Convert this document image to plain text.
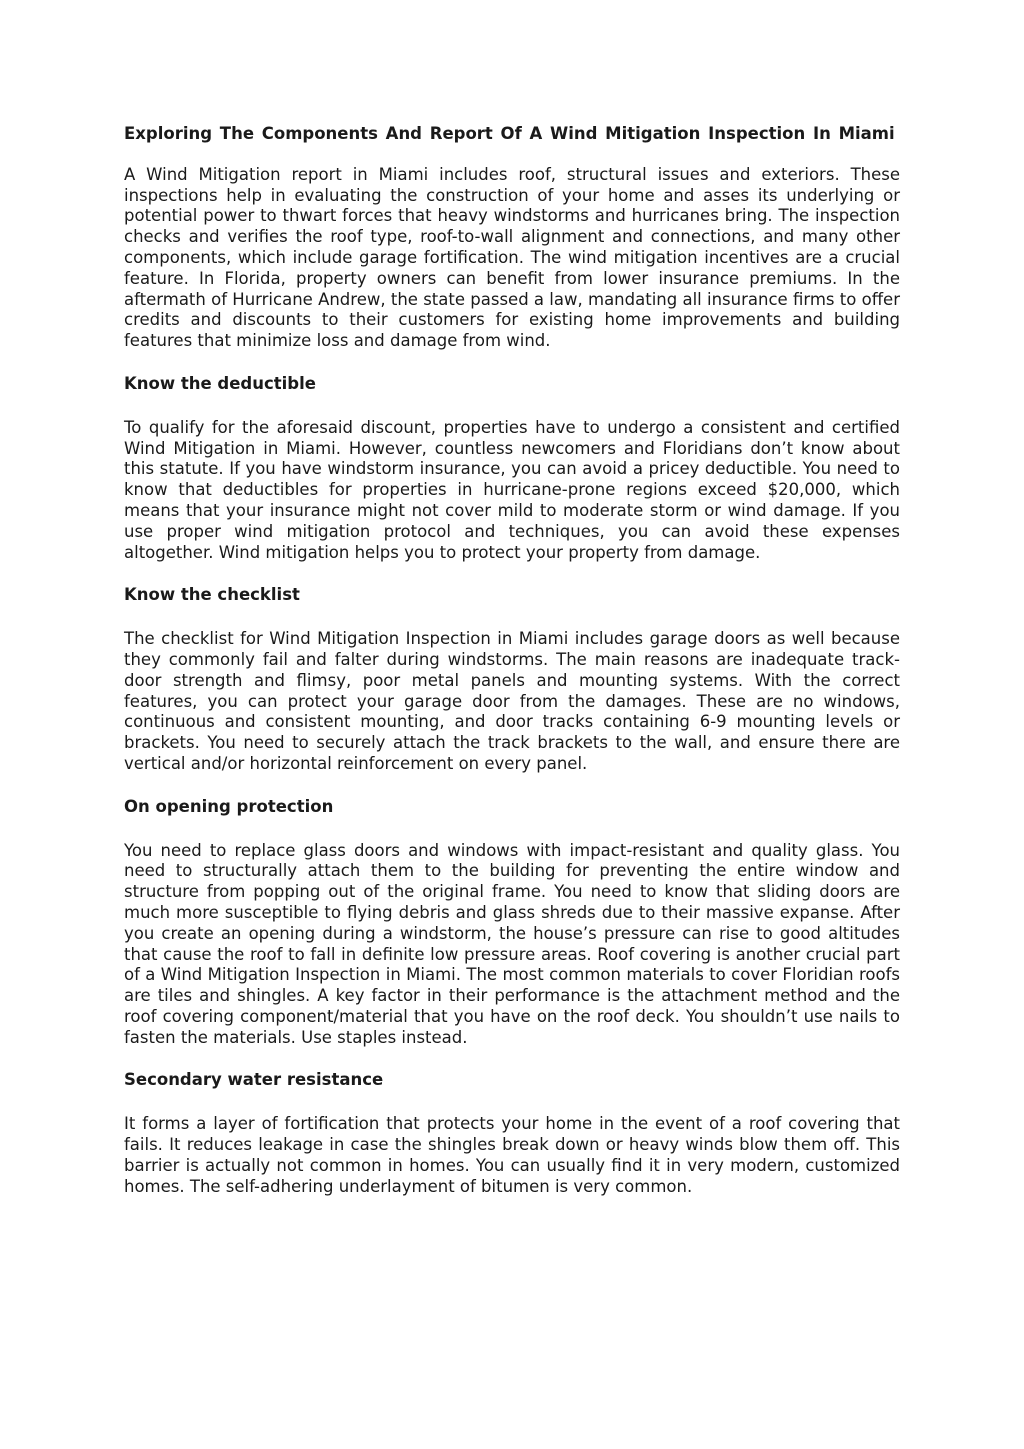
Exploring The Components And Report Of A Wind Mitigation Inspection In Miami

A Wind Mitigation report in Miami includes roof, structural issues and exteriors. These inspections help in evaluating the construction of your home and asses its underlying or potential power to thwart forces that heavy windstorms and hurricanes bring. The inspection checks and verifies the roof type, roof-to-wall alignment and connections, and many other components, which include garage fortification. The wind mitigation incentives are a crucial feature. In Florida, property owners can benefit from lower insurance premiums. In the aftermath of Hurricane Andrew, the state passed a law, mandating all insurance firms to offer credits and discounts to their customers for existing home improvements and building features that minimize loss and damage from wind.

Know the deductible

To qualify for the aforesaid discount, properties have to undergo a consistent and certified Wind Mitigation in Miami. However, countless newcomers and Floridians don’t know about this statute. If you have windstorm insurance, you can avoid a pricey deductible. You need to know that deductibles for properties in hurricane-prone regions exceed $20,000, which means that your insurance might not cover mild to moderate storm or wind damage. If you use proper wind mitigation protocol and techniques, you can avoid these expenses altogether. Wind mitigation helps you to protect your property from damage.

Know the checklist

The checklist for Wind Mitigation Inspection in Miami includes garage doors as well because they commonly fail and falter during windstorms. The main reasons are inadequate track-door strength and flimsy, poor metal panels and mounting systems. With the correct features, you can protect your garage door from the damages. These are no windows, continuous and consistent mounting, and door tracks containing 6-9 mounting levels or brackets. You need to securely attach the track brackets to the wall, and ensure there are vertical and/or horizontal reinforcement on every panel.

On opening protection

You need to replace glass doors and windows with impact-resistant and quality glass. You need to structurally attach them to the building for preventing the entire window and structure from popping out of the original frame. You need to know that sliding doors are much more susceptible to flying debris and glass shreds due to their massive expanse. After you create an opening during a windstorm, the house’s pressure can rise to good altitudes that cause the roof to fall in definite low pressure areas. Roof covering is another crucial part of a Wind Mitigation Inspection in Miami. The most common materials to cover Floridian roofs are tiles and shingles. A key factor in their performance is the attachment method and the roof covering component/material that you have on the roof deck. You shouldn’t use nails to fasten the materials. Use staples instead.

Secondary water resistance

It forms a layer of fortification that protects your home in the event of a roof covering that fails. It reduces leakage in case the shingles break down or heavy winds blow them off. This barrier is actually not common in homes. You can usually find it in very modern, customized homes. The self-adhering underlayment of bitumen is very common.
